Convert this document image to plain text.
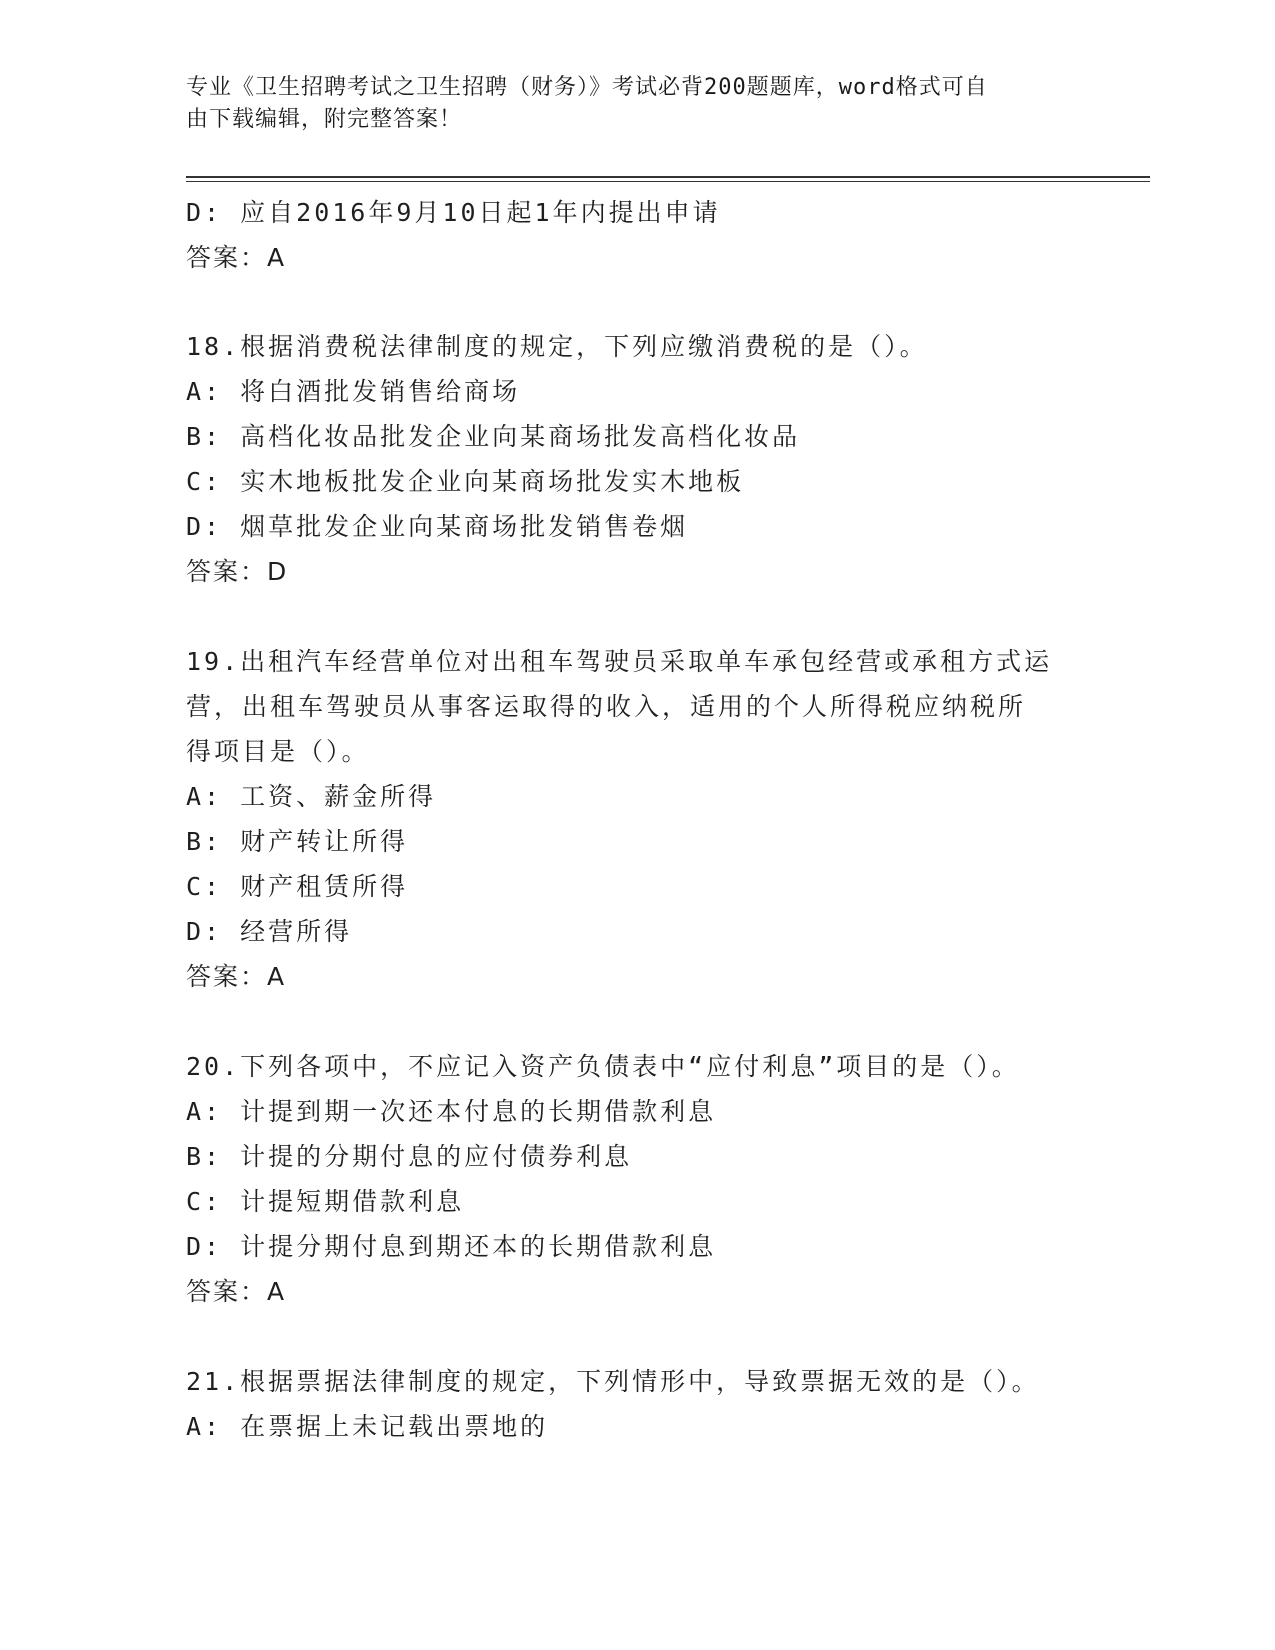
专业《卫生招聘考试之卫生招聘（财务）》考试必背200题题库，word格式可自
由下载编辑，附完整答案！
D: 应自2016年9月10日起1年内提出申请
答案：A
18.根据消费税法律制度的规定，下列应缴消费税的是（）。
A: 将白酒批发销售给商场
B: 高档化妆品批发企业向某商场批发高档化妆品
C: 实木地板批发企业向某商场批发实木地板
D: 烟草批发企业向某商场批发销售卷烟
答案：D
19.出租汽车经营单位对出租车驾驶员采取单车承包经营或承租方式运
营，出租车驾驶员从事客运取得的收入，适用的个人所得税应纳税所
得项目是（）。
A: 工资、薪金所得
B: 财产转让所得
C: 财产租赁所得
D: 经营所得
答案：A
20.下列各项中，不应记入资产负债表中“应付利息”项目的是（）。
A: 计提到期一次还本付息的长期借款利息
B: 计提的分期付息的应付债券利息
C: 计提短期借款利息
D: 计提分期付息到期还本的长期借款利息
答案：A
21.根据票据法律制度的规定，下列情形中，导致票据无效的是（）。
A: 在票据上未记载出票地的
